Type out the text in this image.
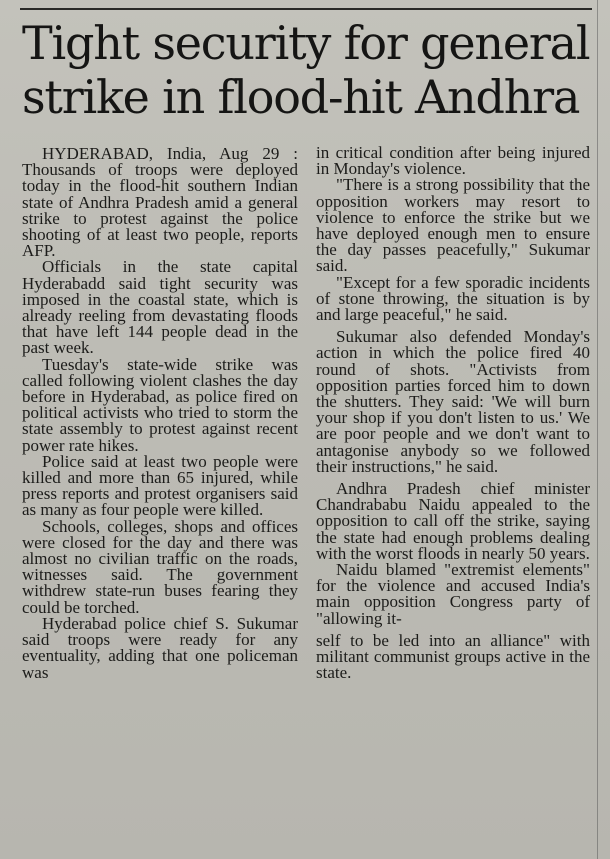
Tight security for general strike in flood-hit Andhra

HYDERABAD, India, Aug 29 : Thousands of troops were deployed today in the flood-hit southern Indian state of Andhra Pradesh amid a general strike to protest against the police shooting of at least two people, reports AFP.

Officials in the state capital Hyderabadd said tight security was imposed in the coastal state, which is already reeling from devastating floods that have left 144 people dead in the past week.

Tuesday's state-wide strike was called following violent clashes the day before in Hyderabad, as police fired on political activists who tried to storm the state assembly to protest against recent power rate hikes.

Police said at least two people were killed and more than 65 injured, while press reports and protest organisers said as many as four people were killed.

Schools, colleges, shops and offices were closed for the day and there was almost no civilian traffic on the roads, witnesses said. The government withdrew state-run buses fearing they could be torched.

Hyderabad police chief S. Sukumar said troops were ready for any eventuality, adding that one policeman was

in critical condition after being injured in Monday's violence.

"There is a strong possibility that the opposition workers may resort to violence to enforce the strike but we have deployed enough men to ensure the day passes peacefully," Sukumar said.

"Except for a few sporadic incidents of stone throwing, the situation is by and large peaceful," he said.

Sukumar also defended Monday's action in which the police fired 40 round of shots. "Activists from opposition parties forced him to down the shutters. They said: 'We will burn your shop if you don't listen to us.' We are poor people and we don't want to antagonise anybody so we followed their instructions," he said.

Andhra Pradesh chief minister Chandrababu Naidu appealed to the opposition to call off the strike, saying the state had enough problems dealing with the worst floods in nearly 50 years.

Naidu blamed "extremist elements" for the violence and accused India's main opposition Congress party of "allowing it-

self to be led into an alliance" with militant communist groups active in the state.
